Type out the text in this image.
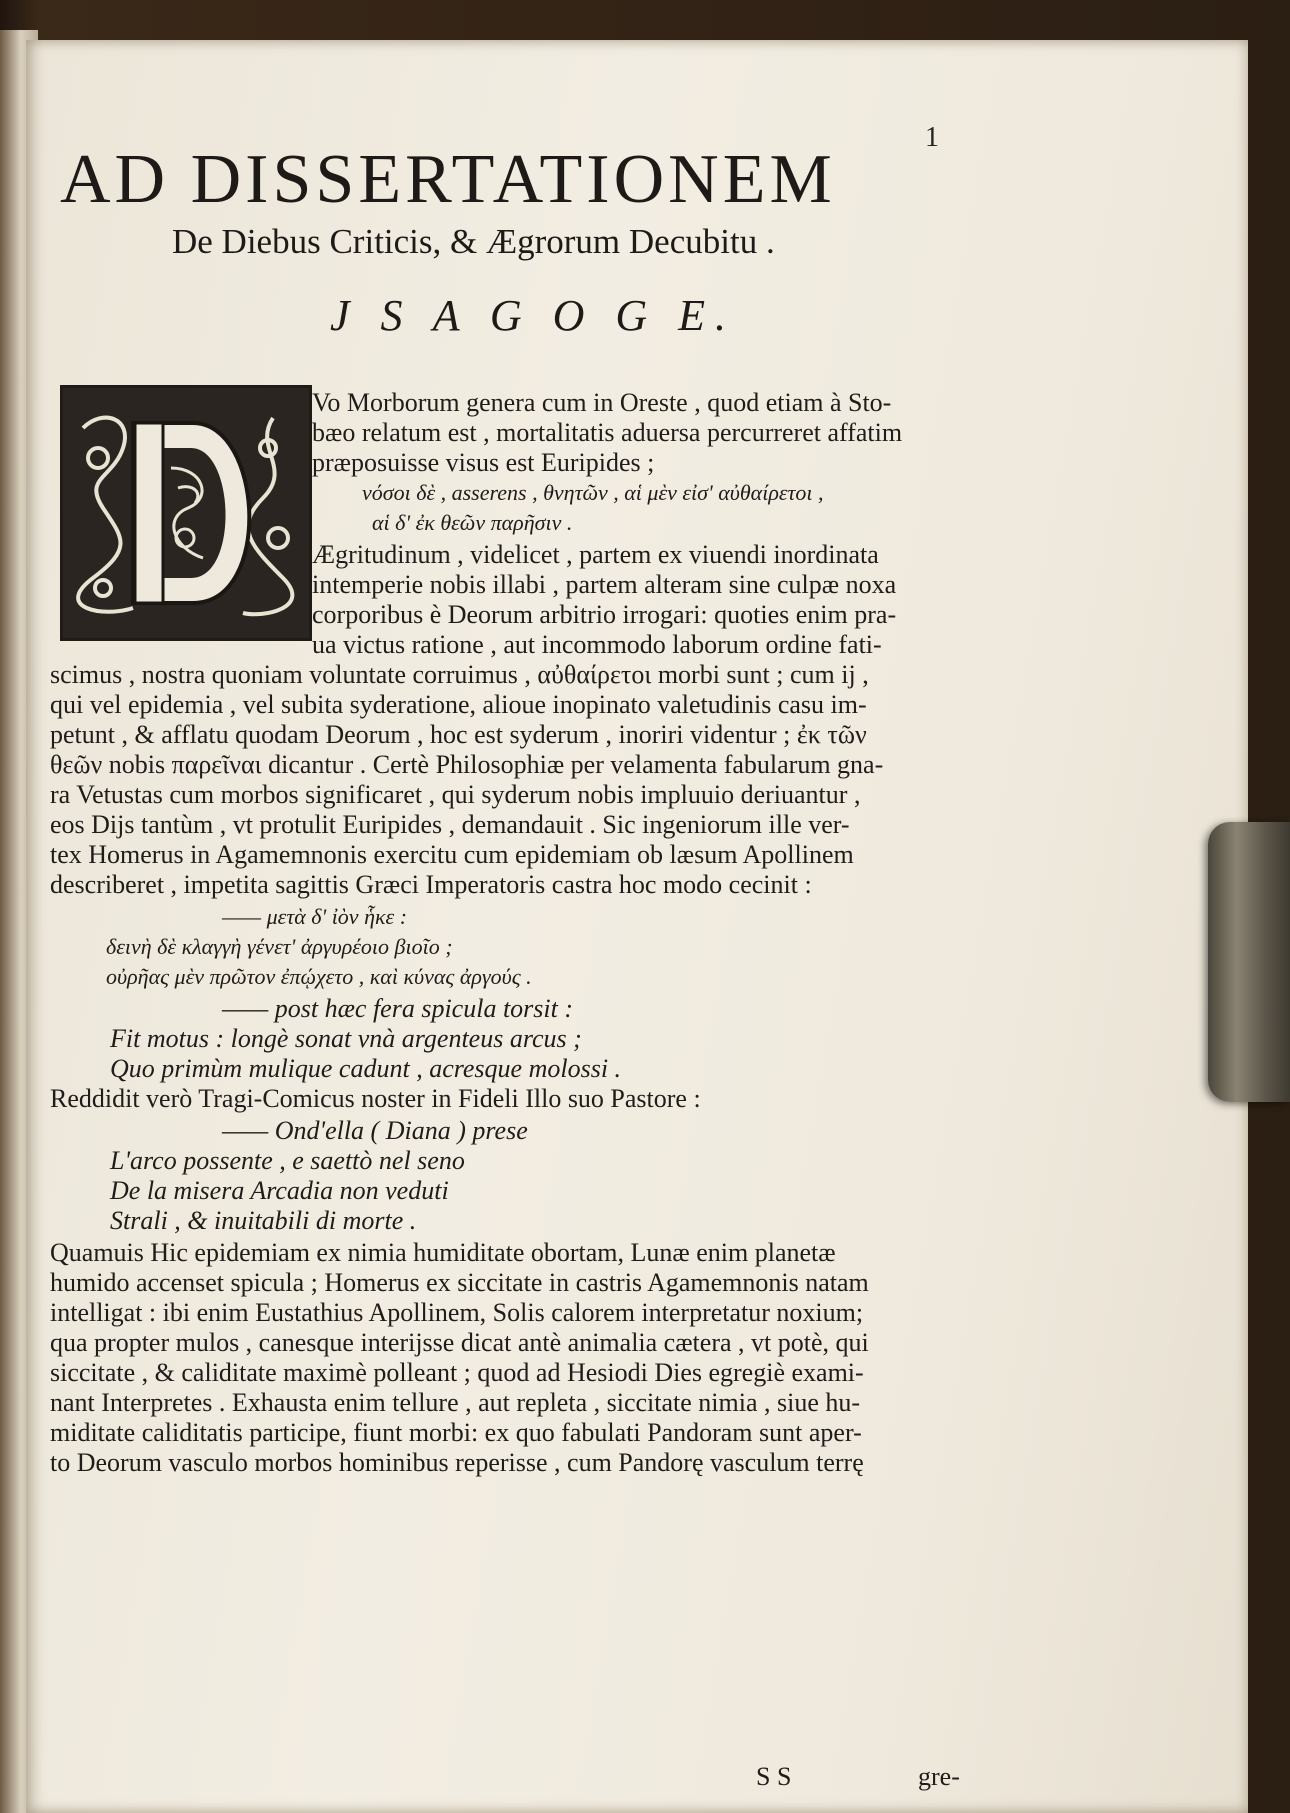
1
AD DISSERTATIONEM
De Diebus Criticis, & Ægrorum Decubitu .
J S A G O G E.
Vo Morborum genera cum in Oreste , quod etiam à Sto-
bæo relatum est , mortalitatis aduersa percurreret affatim
præposuisse visus est Euripides ;
νόσοι δὲ , asserens , θνητῶν , αἱ μὲν εἰσ' αὐθαίρετοι ,
αἱ δ' ἐκ θεῶν παρῆσιν .
Ægritudinum , videlicet , partem ex viuendi inordinata
intemperie nobis illabi , partem alteram sine culpæ noxa
corporibus è Deorum arbitrio irrogari: quoties enim pra-
ua victus ratione , aut incommodo laborum ordine fati-
scimus , nostra quoniam voluntate corruimus , αὐθαίρετοι morbi sunt ; cum ij ,
qui vel epidemia , vel subita syderatione, alioue inopinato valetudinis casu im-
petunt , & afflatu quodam Deorum , hoc est syderum , inoriri videntur ; ἐκ τῶν
θεῶν nobis παρεῖναι dicantur . Certè Philosophiæ per velamenta fabularum gna-
ra Vetustas cum morbos significaret , qui syderum nobis impluuio deriuantur ,
eos Dijs tantùm , vt protulit Euripides , demandauit . Sic ingeniorum ille ver-
tex Homerus in Agamemnonis exercitu cum epidemiam ob læsum Apollinem
describeret , impetita sagittis Græci Imperatoris castra hoc modo cecinit :
—— μετὰ δ' ἰὸν ἧκε :
δεινὴ δὲ κλαγγὴ γένετ' ἀργυρέοιο βιοῖο ;
οὐρῆας μὲν πρῶτον ἐπῴχετο , καὶ κύνας ἀργούς .
—— post hæc fera spicula torsit :
Fit motus : longè sonat vnà argenteus arcus ;
Quo primùm mulique cadunt , acresque molossi .
Reddidit verò Tragi-Comicus noster in Fideli Illo suo Pastore :
—— Ond'ella ( Diana ) prese
L'arco possente , e saettò nel seno
De la misera Arcadia non veduti
Strali , & inuitabili di morte .
Quamuis Hic epidemiam ex nimia humiditate obortam, Lunæ enim planetæ
humido accenset spicula ; Homerus ex siccitate in castris Agamemnonis natam
intelligat : ibi enim Eustathius Apollinem, Solis calorem interpretatur noxium;
qua propter mulos , canesque interijsse dicat antè animalia cætera , vt potè, qui
siccitate , & caliditate maximè polleant ; quod ad Hesiodi Dies egregiè exami-
nant Interpretes . Exhausta enim tellure , aut repleta , siccitate nimia , siue hu-
miditate caliditatis participe, fiunt morbi: ex quo fabulati Pandoram sunt aper-
to Deorum vasculo morbos hominibus reperisse , cum Pandorę vasculum terrę
S S	gre-
